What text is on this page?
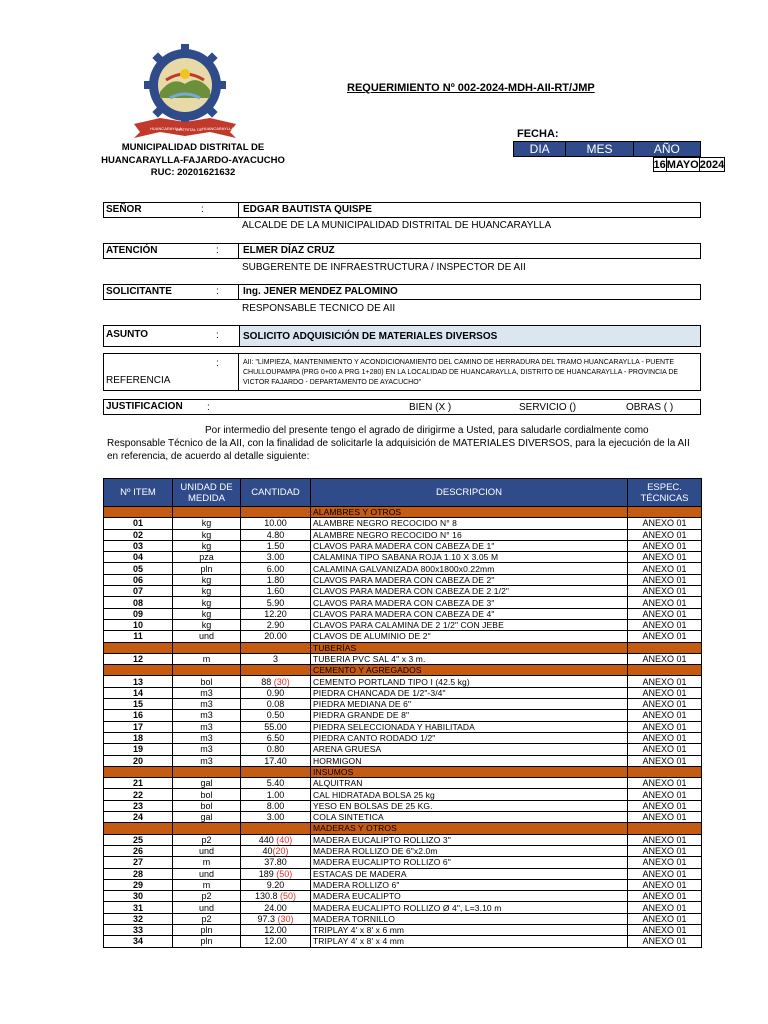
HUANCARAYLLA
DISTRITAL DE HUANCARAYLLA
MUNICIPALIDAD DISTRITAL DE
HUANCARAYLLA-FAJARDO-AYACUCHO
RUC: 20201621632
REQUERIMIENTO Nº 002-2024-MDH-AII-RT/JMP
FECHA:
DIA	MES	AÑO

16	MAYO	2024
SEÑOR	:	EDGAR BAUTISTA QUISPE
ALCALDE DE LA MUNICIPALIDAD DISTRITAL DE HUANCARAYLLA
ATENCIÓN	: ELMER DÍAZ CRUZ
SUBGERENTE DE INFRAESTRUCTURA / INSPECTOR DE AII
SOLICITANTE	: Ing. JENER MENDEZ PALOMINO
RESPONSABLE TECNICO DE AII
ASUNTO	: SOLICITO ADQUISICIÓN DE MATERIALES DIVERSOS
REFERENCIA
:	AII: "LIMPIEZA, MANTENIMIENTO Y ACONDICIONAMIENTO DEL CAMINO DE HERRADURA DEL TRAMO HUANCARAYLLA - PUENTE CHULLOUPAMPA (PRG 0+00 A PRG 1+280) EN LA LOCALIDAD DE HUANCARAYLLA, DISTRITO DE HUANCARAYLLA - PROVINCIA DE VICTOR FAJARDO - DEPARTAMENTO DE AYACUCHO"
JUSTIFICACION :	BIEN (X )	SERVICIO ()	OBRAS ( )
Por intermedio del presente tengo el agrado de dirigirme a Usted, para saludarle cordialmente como Responsable Técnico de la AII, con la finalidad de solicitarle la adquisición de MATERIALES DIVERSOS, para la ejecución de la AII en referencia, de acuerdo al detalle siguiente:
Nº ITEM	UNIDAD DE MEDIDA	CANTIDAD	DESCRIPCION	ESPEC. TÉCNICAS
			ALAMBRES Y OTROS	
01	kg	10.00	ALAMBRE NEGRO RECOCIDO N° 8	ANEXO 01
02	kg	4.80	ALAMBRE NEGRO RECOCIDO N° 16	ANEXO 01
03	kg	1.50	CLAVOS PARA MADERA CON CABEZA DE 1"	ANEXO 01
04	pza	3.00	CALAMINA TIPO SABANA ROJA 1.10 X 3.05 M	ANEXO 01
05	pln	6.00	CALAMINA GALVANIZADA 800x1800x0.22mm	ANEXO 01
06	kg	1.80	CLAVOS PARA MADERA CON CABEZA DE 2"	ANEXO 01
07	kg	1.60	CLAVOS PARA MADERA CON CABEZA DE 2 1/2"	ANEXO 01
08	kg	5.90	CLAVOS PARA MADERA CON CABEZA DE 3"	ANEXO 01
09	kg	12.20	CLAVOS PARA MADERA CON CABEZA DE 4"	ANEXO 01
10	kg	2.90	CLAVOS PARA CALAMINA DE 2 1/2" CON JEBE	ANEXO 01
11	und	20.00	CLAVOS DE ALUMINIO DE 2"	ANEXO 01
			TUBERÍAS	
12	m	3	TUBERIA PVC SAL 4" x 3 m.	ANEXO 01
			CEMENTO Y AGREGADOS	
13	bol	88 (30)	CEMENTO PORTLAND TIPO I (42.5 kg)	ANEXO 01
14	m3	0.90	PIEDRA CHANCADA DE 1/2"-3/4"	ANEXO 01
15	m3	0.08	PIEDRA MEDIANA DE 6"	ANEXO 01
16	m3	0.50	PIEDRA GRANDE DE 8"	ANEXO 01
17	m3	55.00	PIEDRA SELECCIONADA Y HABILITADA	ANEXO 01
18	m3	6.50	PIEDRA CANTO RODADO 1/2"	ANEXO 01
19	m3	0.80	ARENA GRUESA	ANEXO 01
20	m3	17.40	HORMIGON	ANEXO 01
			INSUMOS	
21	gal	5.40	ALQUITRAN	ANEXO 01
22	bol	1.00	CAL HIDRATADA BOLSA 25 kg	ANEXO 01
23	bol	8.00	YESO EN BOLSAS DE 25 KG.	ANEXO 01
24	gal	3.00	COLA SINTETICA	ANEXO 01
			MADERAS Y OTROS	
25	p2	440 (40)	MADERA EUCALIPTO ROLLIZO 3"	ANEXO 01
26	und	40(20)	MADERA ROLLIZO DE 6"x2.0m	ANEXO 01
27	m	37.80	MADERA EUCALIPTO ROLLIZO 6"	ANEXO 01
28	und	189 (50)	ESTACAS DE MADERA	ANEXO 01
29	m	9.20	MADERA ROLLIZO 6"	ANEXO 01
30	p2	130.8 (50)	MADERA EUCALIPTO	ANEXO 01
31	und	24.00	MADERA EUCALIPTO ROLLIZO Ø 4", L=3.10 m	ANEXO 01
32	p2	97.3 (30)	MADERA TORNILLO	ANEXO 01
33	pln	12.00	TRIPLAY 4' x 8' x 6 mm	ANEXO 01
34	pln	12.00	TRIPLAY 4' x 8' x 4 mm	ANEXO 01
